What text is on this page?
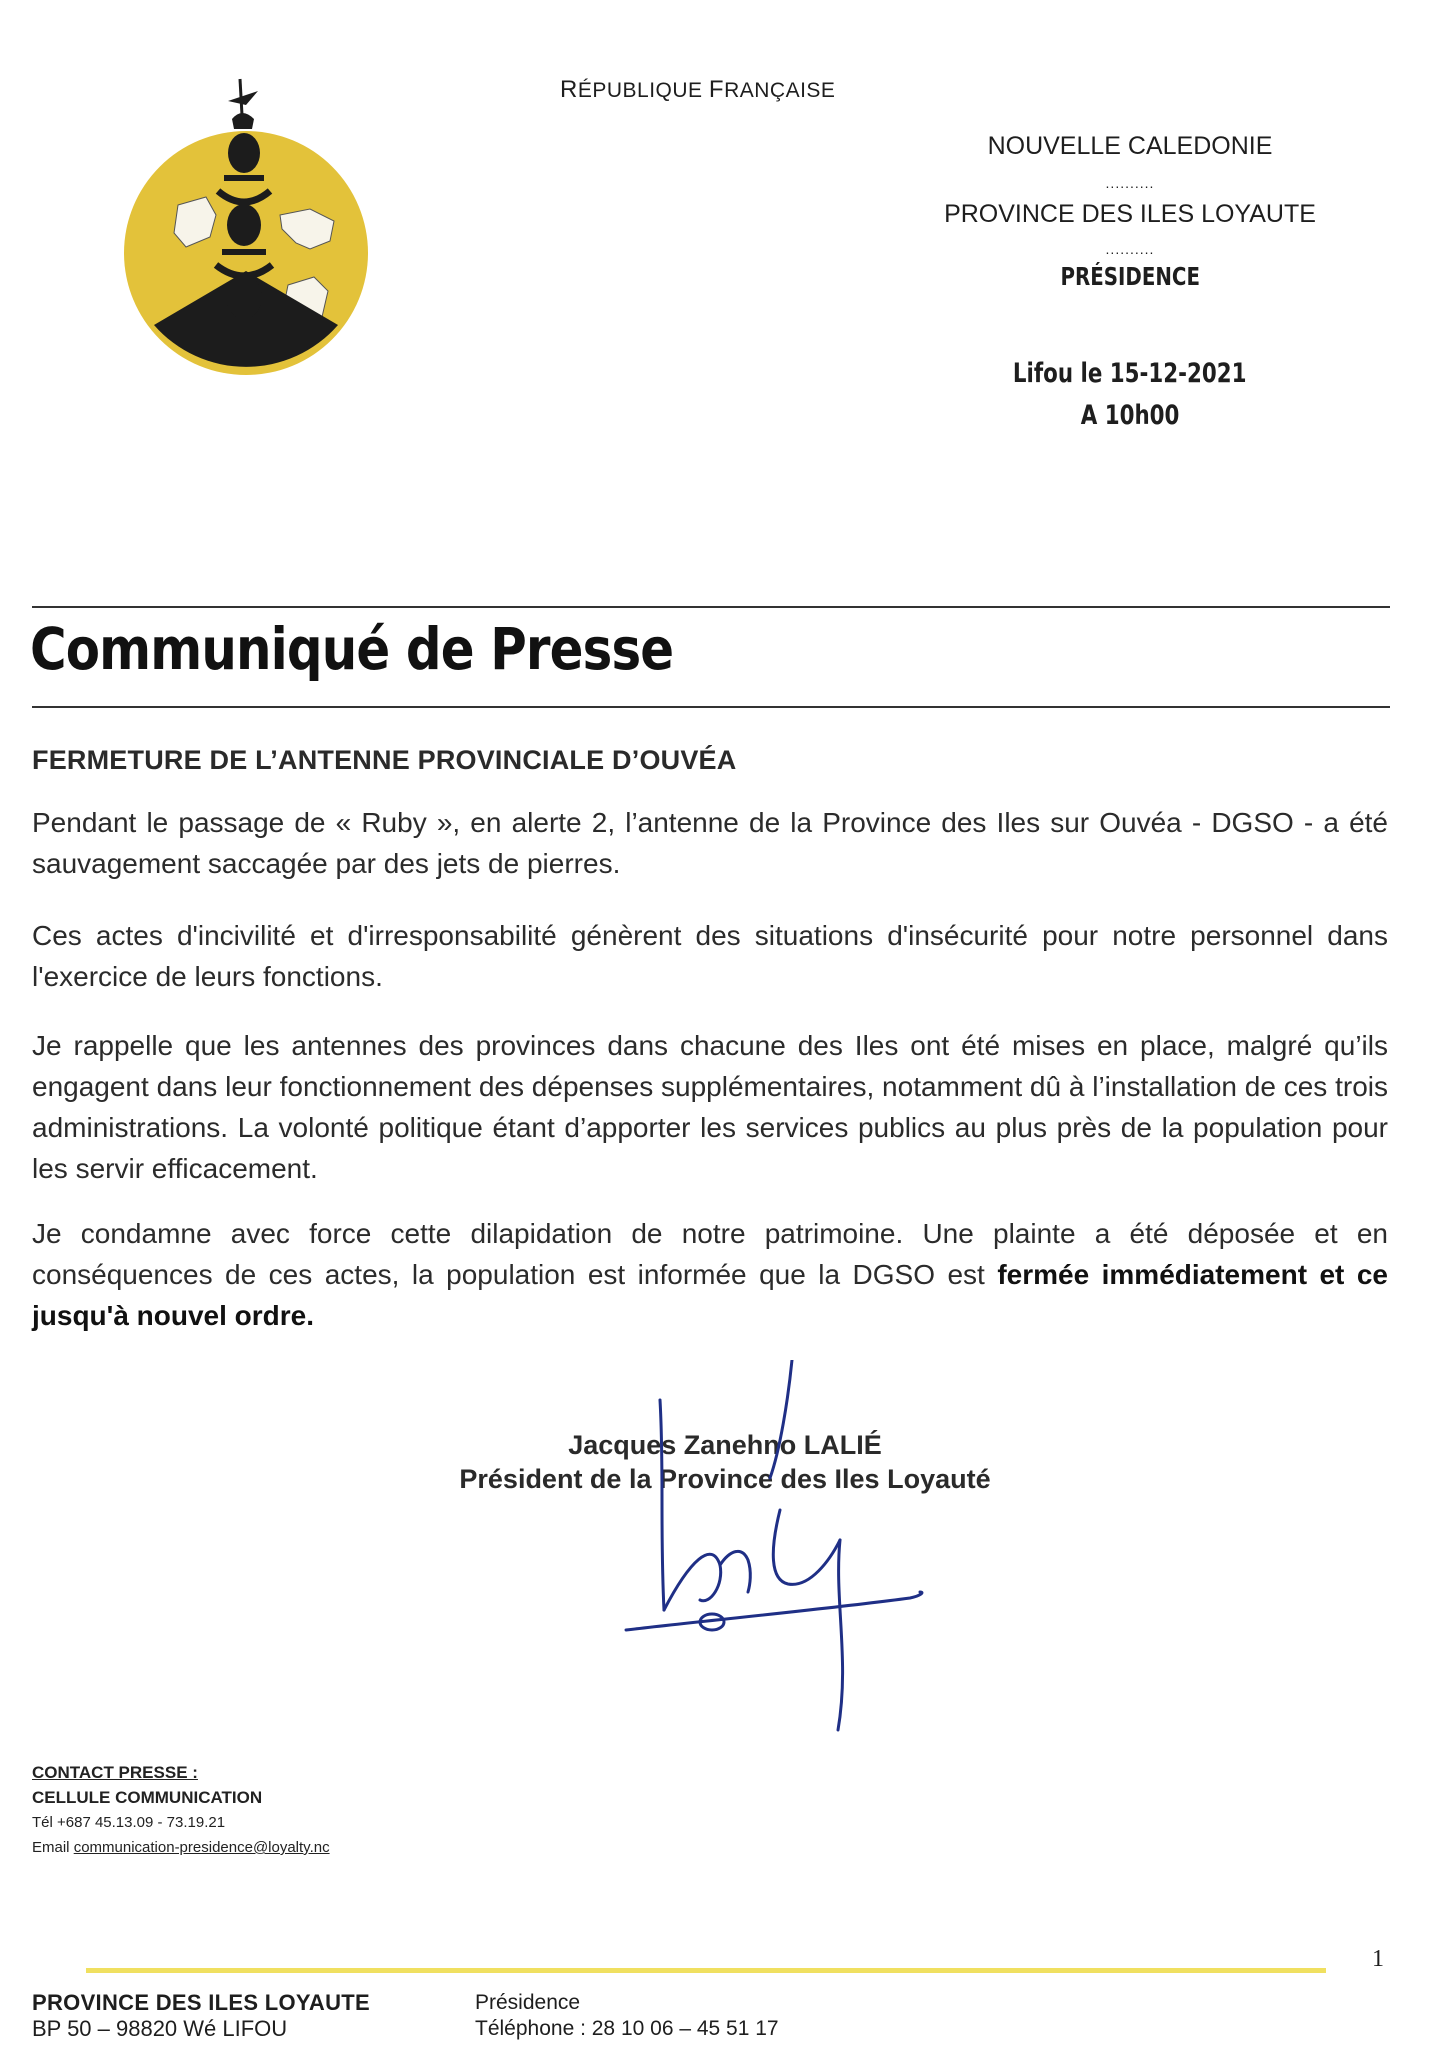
RÉPUBLIQUE FRANÇAISE
NOUVELLE CALEDONIE
..........
PROVINCE DES ILES LOYAUTE
..........
PRÉSIDENCE
Lifou le 15-12-2021
A 10h00
Communiqué de Presse
FERMETURE DE L’ANTENNE PROVINCIALE D’OUVÉA
Pendant le passage de « Ruby », en alerte 2, l’antenne de la Province des Iles sur Ouvéa - DGSO - a été sauvagement saccagée par des jets de pierres.
Ces actes d'incivilité et d'irresponsabilité génèrent des situations d'insécurité pour notre personnel dans l'exercice de leurs fonctions.
Je rappelle que les antennes des provinces dans chacune des Iles ont été mises en place, malgré qu’ils engagent dans leur fonctionnement des dépenses supplémentaires, notamment dû à l’installation de ces trois administrations. La volonté politique étant d’apporter les services publics au plus près de la population pour les servir efficacement.
Je condamne avec force cette dilapidation de notre patrimoine. Une plainte a été déposée et en conséquences de ces actes, la population est informée que la DGSO est fermée immédiatement et ce jusqu'à nouvel ordre.
Jacques Zanehno LALIÉ
Président de la Province des Iles Loyauté
CONTACT PRESSE :
CELLULE COMMUNICATION
Tél +687 45.13.09 - 73.19.21
Email communication-presidence@loyalty.nc
1
PROVINCE DES ILES LOYAUTE
BP 50 – 98820 Wé LIFOU
Présidence
Téléphone : 28 10 06 – 45 51 17
